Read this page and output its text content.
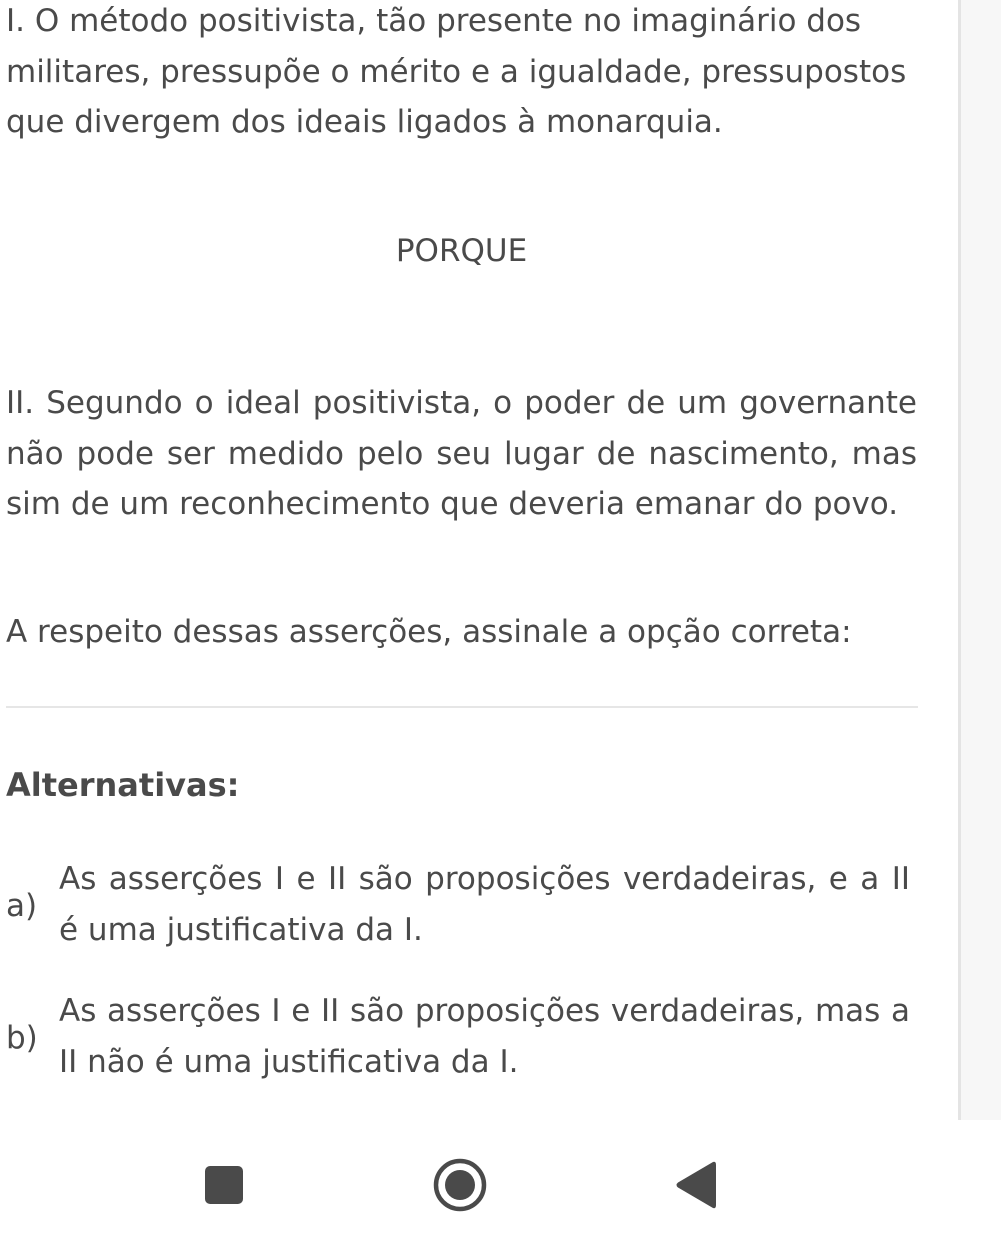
I. O método positivista, tão presente no imaginário dos militares, pressupõe o mérito e a igualdade, pressupostos que divergem dos ideais ligados à monarquia.

PORQUE

II. Segundo o ideal positivista, o poder de um governante não pode ser medido pelo seu lugar de nascimento, mas sim de um reconhecimento que deveria emanar do povo.

A respeito dessas asserções, assinale a opção correta:

Alternativas:
a)
As asserções I e II são proposições verdadeiras, e a II é uma justificativa da I.
b)
As asserções I e II são proposições verdadeiras, mas a II não é uma justificativa da I.
